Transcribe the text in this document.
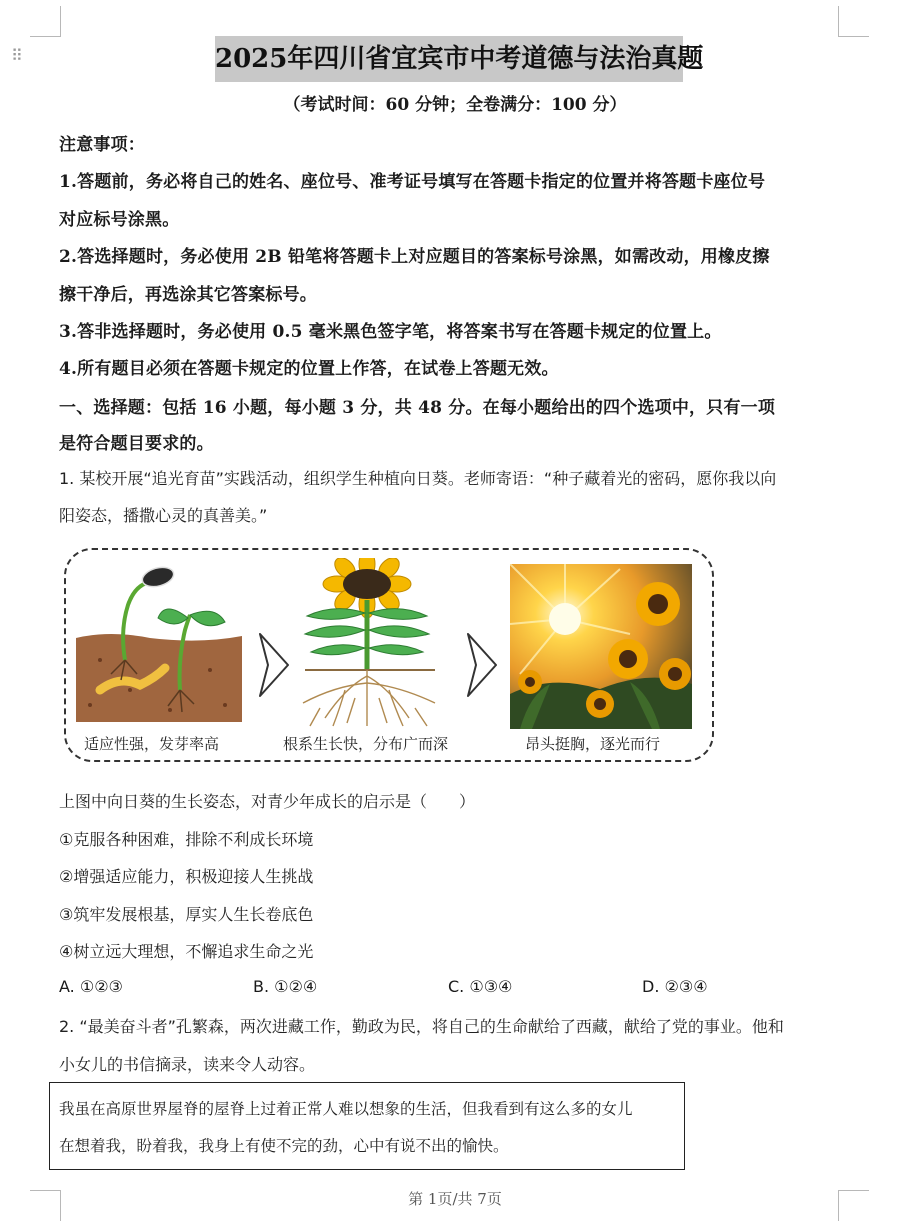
⠿	2025年四川省宜宾市中考道德与法治真题
（考试时间：60 分钟；全卷满分：100 分）
注意事项：
1.答题前，务必将自己的姓名、座位号、准考证号填写在答题卡指定的位置并将答题卡座位号
对应标号涂黑。
2.答选择题时，务必使用 2B 铅笔将答题卡上对应题目的答案标号涂黑，如需改动，用橡皮擦
擦干净后，再选涂其它答案标号。
3.答非选择题时，务必使用 0.5 毫米黑色签字笔，将答案书写在答题卡规定的位置上。
4.所有题目必须在答题卡规定的位置上作答，在试卷上答题无效。
一、选择题：包括 16 小题，每小题 3 分，共 48 分。在每小题给出的四个选项中，只有一项
是符合题目要求的。
1. 某校开展“追光育苗”实践活动，组织学生种植向日葵。老师寄语：“种子藏着光的密码，愿你我以向
阳姿态，播撒心灵的真善美。”
适应性强，发芽率高	根系生长快，分布广而深	昂头挺胸，逐光而行
上图中向日葵的生长姿态，对青少年成长的启示是（　　）
①克服各种困难，排除不利成长环境
②增强适应能力，积极迎接人生挑战
③筑牢发展根基，厚实人生长卷底色
④树立远大理想，不懈追求生命之光
A. ①②③	B. ①②④	C. ①③④	D. ②③④
2. “最美奋斗者”孔繁森，两次进藏工作，勤政为民，将自己的生命献给了西藏，献给了党的事业。他和
小女儿的书信摘录，读来令人动容。
我虽在高原世界屋脊的屋脊上过着正常人难以想象的生活，但我看到有这么多的女儿
在想着我，盼着我，我身上有使不完的劲，心中有说不出的愉快。
第 1页/共 7页
